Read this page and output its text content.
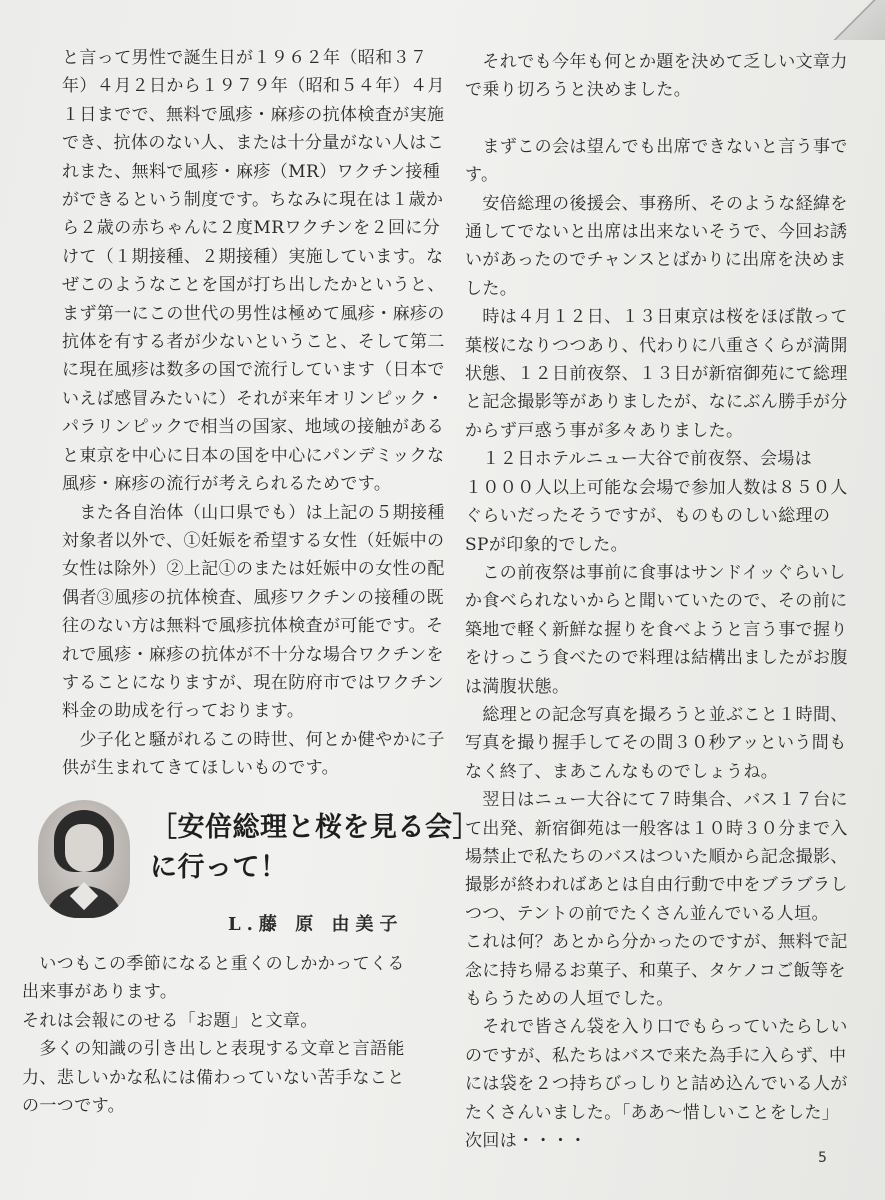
と言って男性で誕生日が１９６２年（昭和３７

年）４月２日から１９７９年（昭和５４年）４月

１日までで、無料で風疹・麻疹の抗体検査が実施

でき、抗体のない人、または十分量がない人はこ

れまた、無料で風疹・麻疹（MR）ワクチン接種

ができるという制度です。ちなみに現在は１歳か

ら２歳の赤ちゃんに２度MRワクチンを２回に分

けて（１期接種、２期接種）実施しています。な

ぜこのようなことを国が打ち出したかというと、

まず第一にこの世代の男性は極めて風疹・麻疹の

抗体を有する者が少ないということ、そして第二

に現在風疹は数多の国で流行しています（日本で

いえば感冒みたいに）それが来年オリンピック・

パラリンピックで相当の国家、地域の接触がある

と東京を中心に日本の国を中心にパンデミックな

風疹・麻疹の流行が考えられるためです。

　また各自治体（山口県でも）は上記の５期接種

対象者以外で、①妊娠を希望する女性（妊娠中の

女性は除外）②上記①のまたは妊娠中の女性の配

偶者③風疹の抗体検査、風疹ワクチンの接種の既

往のない方は無料で風疹抗体検査が可能です。そ

れで風疹・麻疹の抗体が不十分な場合ワクチンを

することになりますが、現在防府市ではワクチン

料金の助成を行っております。

　少子化と騒がれるこの時世、何とか健やかに子

供が生まれてきてほしいものです。

［安倍総理と桜を見る会］
に行って！
L.藤 原 由美子

　いつもこの季節になると重くのしかかってくる

出来事があります。

それは会報にのせる「お題」と文章。

　多くの知識の引き出しと表現する文章と言語能

力、悲しいかな私には備わっていない苦手なこと

の一つです。

　それでも今年も何とか題を決めて乏しい文章力

で乗り切ろうと決めました。

　まずこの会は望んでも出席できないと言う事で

す。

　安倍総理の後援会、事務所、そのような経緯を

通してでないと出席は出来ないそうで、今回お誘

いがあったのでチャンスとばかりに出席を決めま

した。

　時は４月１２日、１３日東京は桜をほぼ散って

葉桜になりつつあり、代わりに八重さくらが満開

状態、１２日前夜祭、１３日が新宿御苑にて総理

と記念撮影等がありましたが、なにぶん勝手が分

からず戸惑う事が多々ありました。

　１２日ホテルニュー大谷で前夜祭、会場は

１０００人以上可能な会場で参加人数は８５０人

ぐらいだったそうですが、ものものしい総理の

SPが印象的でした。

　この前夜祭は事前に食事はサンドイッぐらいし

か食べられないからと聞いていたので、その前に

築地で軽く新鮮な握りを食べようと言う事で握り

をけっこう食べたので料理は結構出ましたがお腹

は満腹状態。

　総理との記念写真を撮ろうと並ぶこと１時間、

写真を撮り握手してその間３０秒アッという間も

なく終了、まあこんなものでしょうね。

　翌日はニュー大谷にて７時集合、バス１７台に

て出発、新宿御苑は一般客は１０時３０分まで入

場禁止で私たちのバスはついた順から記念撮影、

撮影が終わればあとは自由行動で中をブラブラし

つつ、テントの前でたくさん並んでいる人垣。

これは何？あとから分かったのですが、無料で記

念に持ち帰るお菓子、和菓子、タケノコご飯等を

もらうための人垣でした。

　それで皆さん袋を入り口でもらっていたらしい

のですが、私たちはバスで来た為手に入らず、中

には袋を２つ持ちびっしりと詰め込んでいる人が

たくさんいました。「ああ～惜しいことをした」

次回は・・・・

5
